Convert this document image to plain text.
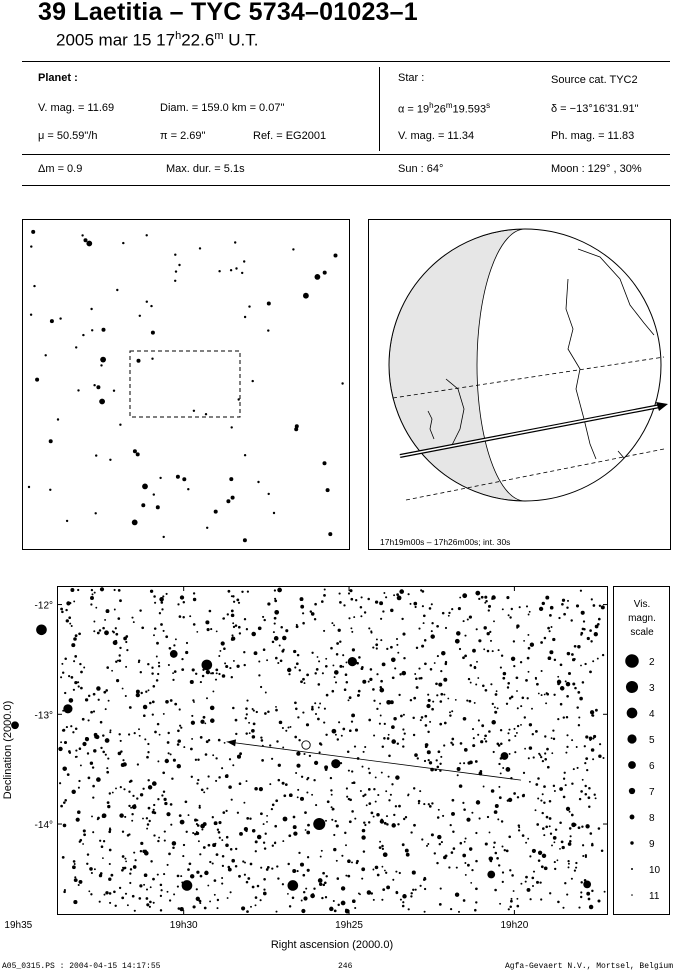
39 Laetitia – TYC 5734–01023–1
2005 mar 15 17$^h$22.6$^m$ U.T.
Planet :
V. mag. = 11.69	Diam. = 159.0 km = 0.07"
μ = 50.59"/h	π = 2.69"	Ref. = EG2001
Star :	Source cat. TYC2
$\alpha = 19^h26^m19.593^s$	δ = −13°16'31.91"
V. mag. = 11.34	Ph. mag. = 11.83
Δm = 0.9	Max. dur. = 5.1s	Sun : 64°	Moon : 129° , 30%
17h19m00s – 17h26m00s; int. 30s
19h35	19h30	19h25	19h20
-12°
-13°
-14°
Right ascension (2000.0)
Declination (2000.0)
Vis.
magn.
scale
2
3
4
5
6
7
8
9
10
11
A05_0315.PS : 2004-04-15 14:17:55	246	Agfa-Gevaert N.V., Mortsel, Belgium
